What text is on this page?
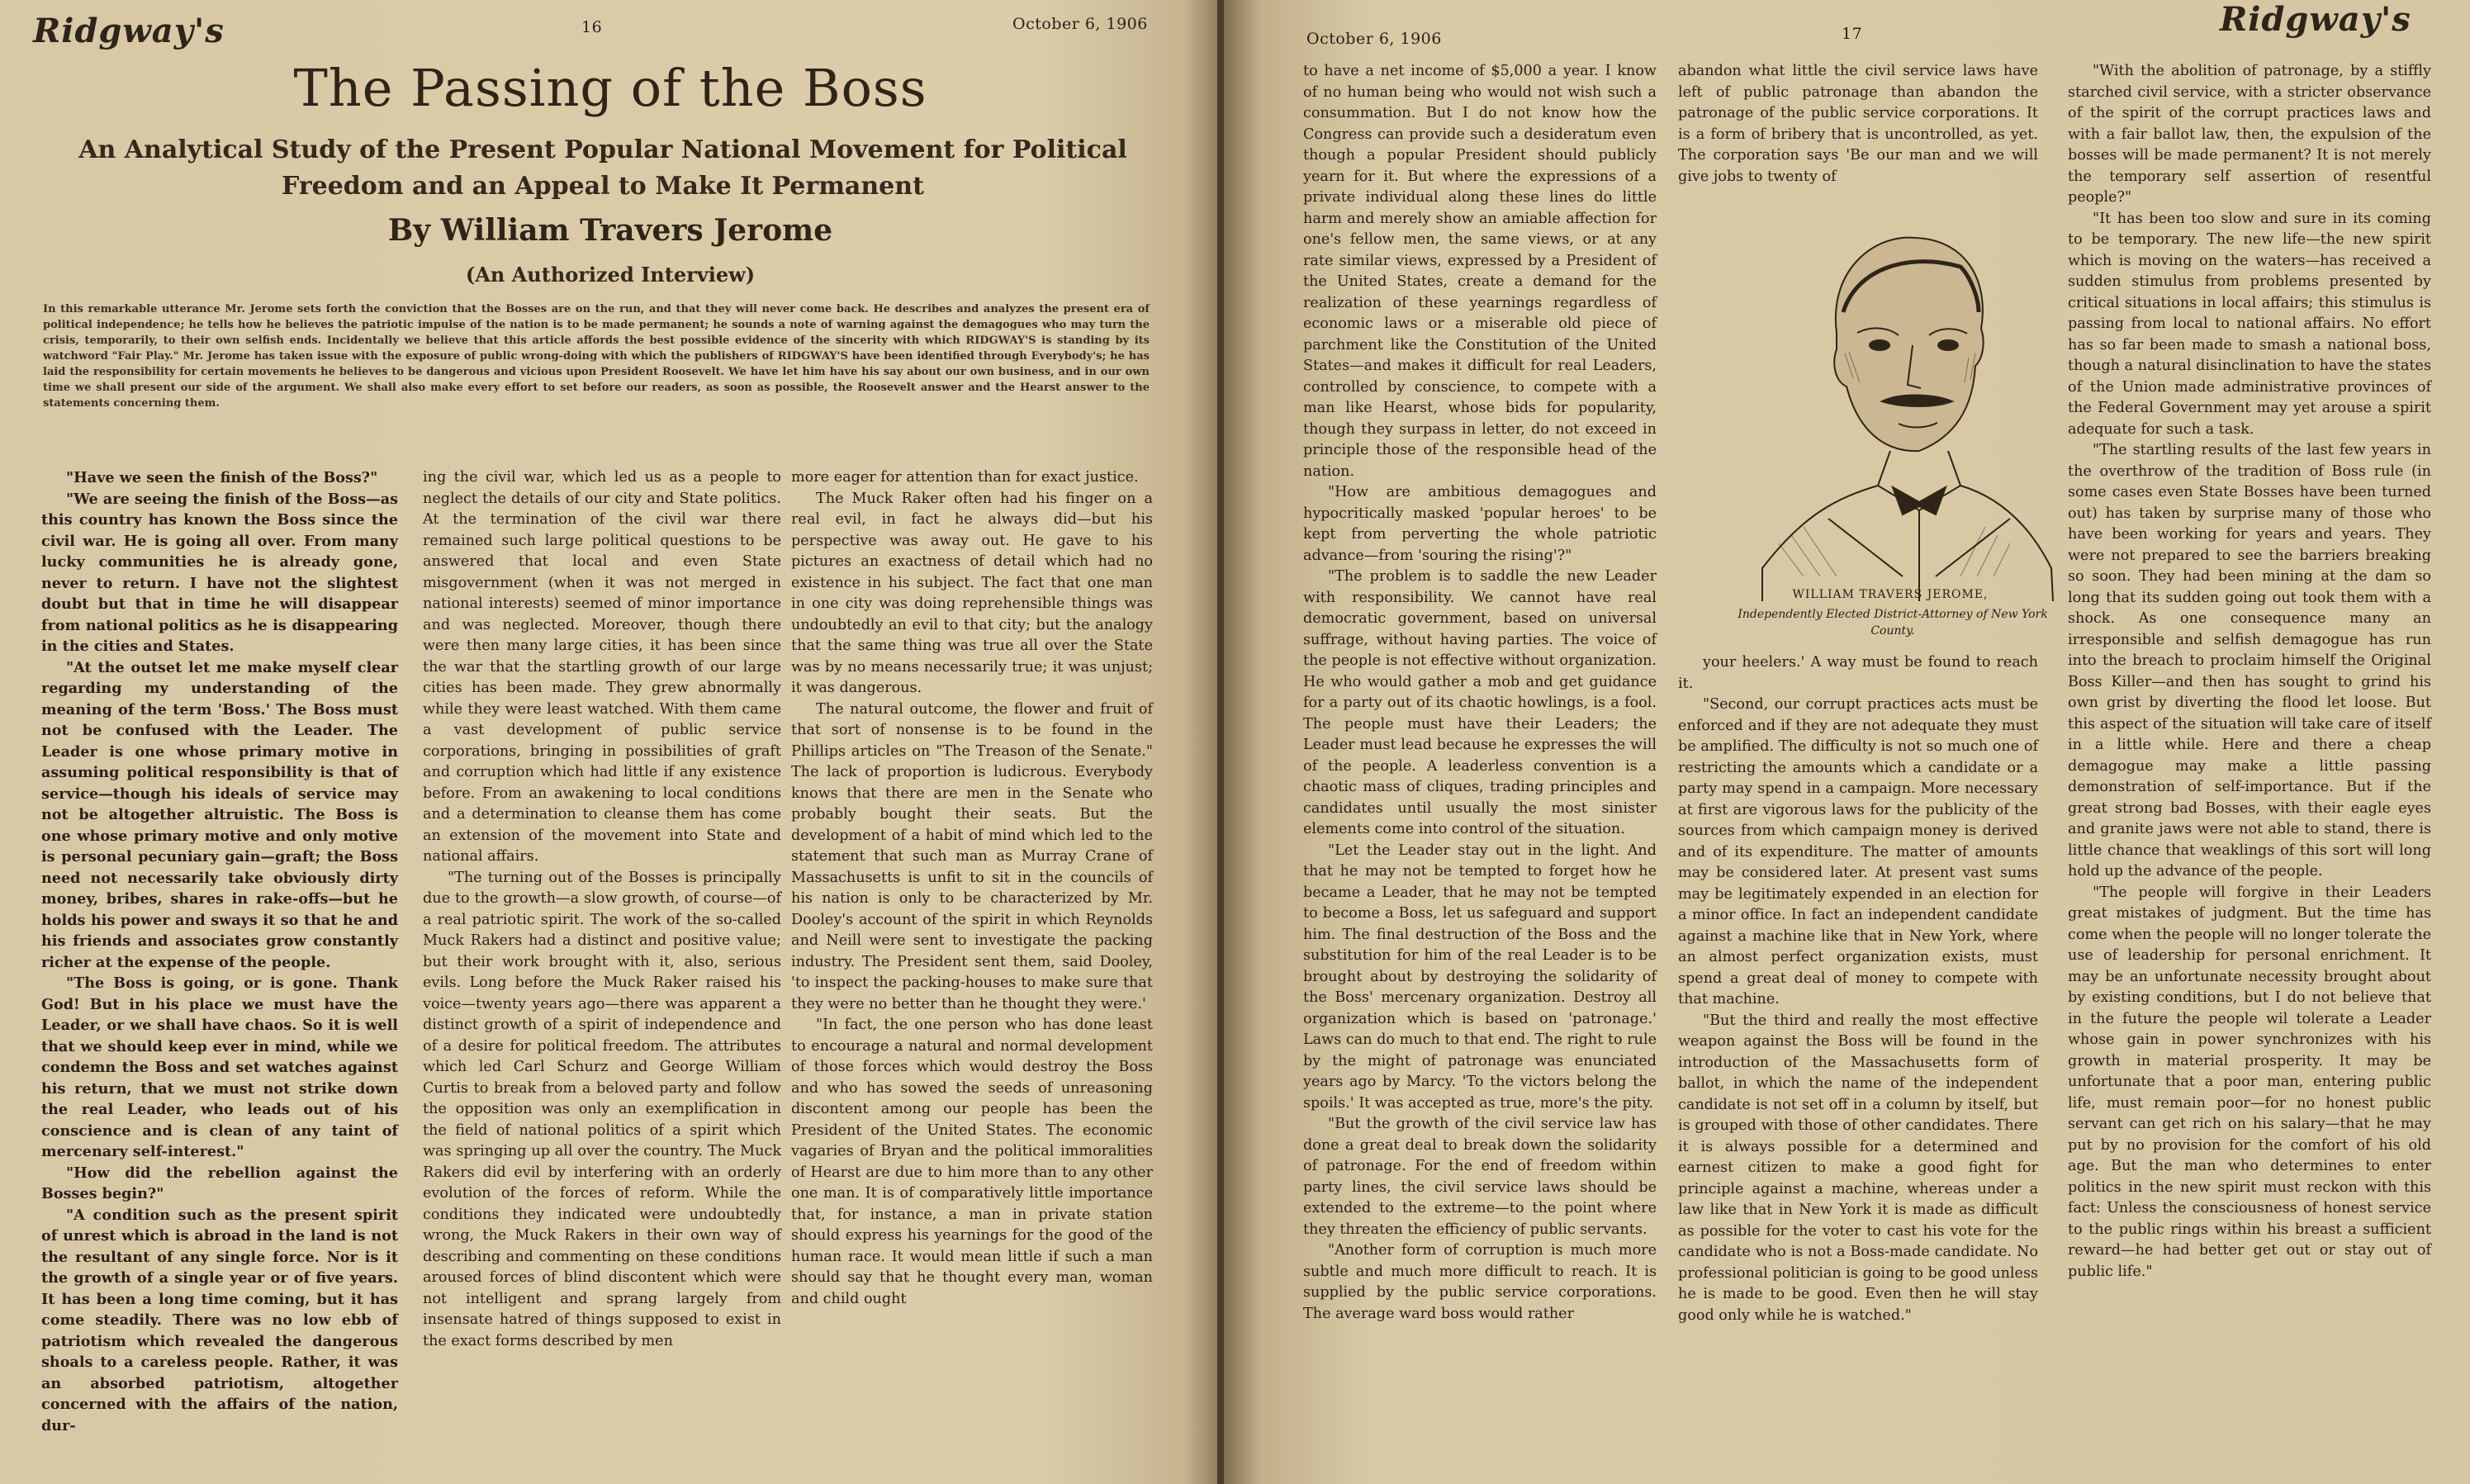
Ridgway's	16	October 6, 1906
The Passing of the Boss
An Analytical Study of the Present Popular National Movement for Political Freedom and an Appeal to Make It Permanent
By William Travers Jerome
(An Authorized Interview)
In this remarkable utterance Mr. Jerome sets forth the conviction that the Bosses are on the run, and that they will never come back. He describes and analyzes the present era of political independence; he tells how he believes the patriotic impulse of the nation is to be made permanent; he sounds a note of warning against the demagogues who may turn the crisis, temporarily, to their own selfish ends. Incidentally we believe that this article affords the best possible evidence of the sincerity with which RIDGWAY'S is standing by its watchword "Fair Play." Mr. Jerome has taken issue with the exposure of public wrong-doing with which the publishers of RIDGWAY'S have been identified through Everybody's; he has laid the responsibility for certain movements he believes to be dangerous and vicious upon President Roosevelt. We have let him have his say about our own business, and in our own time we shall present our side of the argument. We shall also make every effort to set before our readers, as soon as possible, the Roosevelt answer and the Hearst answer to the statements concerning them.

"Have we seen the finish of the Boss?"

"We are seeing the finish of the Boss—as this country has known the Boss since the civil war. He is going all over. From many lucky communities he is already gone, never to return. I have not the slightest doubt but that in time he will disappear from national politics as he is disappearing in the cities and States.

"At the outset let me make myself clear regarding my understanding of the meaning of the term 'Boss.' The Boss must not be confused with the Leader. The Leader is one whose primary motive in assuming political responsibility is that of service—though his ideals of service may not be altogether altruistic. The Boss is one whose primary motive and only motive is personal pecuniary gain—graft; the Boss need not necessarily take obviously dirty money, bribes, shares in rake-offs—but he holds his power and sways it so that he and his friends and associates grow constantly richer at the expense of the people.

"The Boss is going, or is gone. Thank God! But in his place we must have the Leader, or we shall have chaos. So it is well that we should keep ever in mind, while we condemn the Boss and set watches against his return, that we must not strike down the real Leader, who leads out of his conscience and is clean of any taint of mercenary self-interest."

"How did the rebellion against the Bosses begin?"

"A condition such as the present spirit of unrest which is abroad in the land is not the resultant of any single force. Nor is it the growth of a single year or of five years. It has been a long time coming, but it has come steadily. There was no low ebb of patriotism which revealed the dangerous shoals to a careless people. Rather, it was an absorbed patriotism, altogether concerned with the affairs of the nation, dur-

ing the civil war, which led us as a people to neglect the details of our city and State politics. At the termination of the civil war there remained such large political questions to be answered that local and even State misgovernment (when it was not merged in national interests) seemed of minor importance and was neglected. Moreover, though there were then many large cities, it has been since the war that the startling growth of our large cities has been made. They grew abnormally while they were least watched. With them came a vast development of public service corporations, bringing in possibilities of graft and corruption which had little if any existence before. From an awakening to local conditions and a determination to cleanse them has come an extension of the movement into State and national affairs.

"The turning out of the Bosses is principally due to the growth—a slow growth, of course—of a real patriotic spirit. The work of the so-called Muck Rakers had a distinct and positive value; but their work brought with it, also, serious evils. Long before the Muck Raker raised his voice—twenty years ago—there was apparent a distinct growth of a spirit of independence and of a desire for political freedom. The attributes which led Carl Schurz and George William Curtis to break from a beloved party and follow the opposition was only an exemplification in the field of national politics of a spirit which was springing up all over the country. The Muck Rakers did evil by interfering with an orderly evolution of the forces of reform. While the conditions they indicated were undoubtedly wrong, the Muck Rakers in their own way of describing and commenting on these conditions aroused forces of blind discontent which were not intelligent and sprang largely from insensate hatred of things supposed to exist in the exact forms described by men

more eager for attention than for exact justice.

The Muck Raker often had his finger on a real evil, in fact he always did—but his perspective was away out. He gave to his pictures an exactness of detail which had no existence in his subject. The fact that one man in one city was doing reprehensible things was undoubtedly an evil to that city; but the analogy that the same thing was true all over the State was by no means necessarily true; it was unjust; it was dangerous.

The natural outcome, the flower and fruit of that sort of nonsense is to be found in the Phillips articles on "The Treason of the Senate." The lack of proportion is ludicrous. Everybody knows that there are men in the Senate who probably bought their seats. But the development of a habit of mind which led to the statement that such man as Murray Crane of Massachusetts is unfit to sit in the councils of his nation is only to be characterized by Mr. Dooley's account of the spirit in which Reynolds and Neill were sent to investigate the packing industry. The President sent them, said Dooley, 'to inspect the packing-houses to make sure that they were no better than he thought they were.'

"In fact, the one person who has done least to encourage a natural and normal development of those forces which would destroy the Boss and who has sowed the seeds of unreasoning discontent among our people has been the President of the United States. The economic vagaries of Bryan and the political immoralities of Hearst are due to him more than to any other one man. It is of comparatively little importance that, for instance, a man in private station should express his yearnings for the good of the human race. It would mean little if such a man should say that he thought every man, woman and child ought

October 6, 1906	17	Ridgway's

to have a net income of $5,000 a year. I know of no human being who would not wish such a consummation. But I do not know how the Congress can provide such a desideratum even though a popular President should publicly yearn for it. But where the expressions of a private individual along these lines do little harm and merely show an amiable affection for one's fellow men, the same views, or at any rate similar views, expressed by a President of the United States, create a demand for the realization of these yearnings regardless of economic laws or a miserable old piece of parchment like the Constitution of the United States—and makes it difficult for real Leaders, controlled by conscience, to compete with a man like Hearst, whose bids for popularity, though they surpass in letter, do not exceed in principle those of the responsible head of the nation.

"How are ambitious demagogues and hypocritically masked 'popular heroes' to be kept from perverting the whole patriotic advance—from 'souring the rising'?"

"The problem is to saddle the new Leader with responsibility. We cannot have real democratic government, based on universal suffrage, without having parties. The voice of the people is not effective without organization. He who would gather a mob and get guidance for a party out of its chaotic howlings, is a fool. The people must have their Leaders; the Leader must lead because he expresses the will of the people. A leaderless convention is a chaotic mass of cliques, trading principles and candidates until usually the most sinister elements come into control of the situation.

"Let the Leader stay out in the light. And that he may not be tempted to forget how he became a Leader, that he may not be tempted to become a Boss, let us safeguard and support him. The final destruction of the Boss and the substitution for him of the real Leader is to be brought about by destroying the solidarity of the Boss' mercenary organization. Destroy all organization which is based on 'patronage.' Laws can do much to that end. The right to rule by the might of patronage was enunciated years ago by Marcy. 'To the victors belong the spoils.' It was accepted as true, more's the pity.

"But the growth of the civil service law has done a great deal to break down the solidarity of patronage. For the end of freedom within party lines, the civil service laws should be extended to the extreme—to the point where they threaten the efficiency of public servants.

"Another form of corruption is much more subtle and much more difficult to reach. It is supplied by the public service corporations. The average ward boss would rather

abandon what little the civil service laws have left of public patronage than abandon the patronage of the public service corporations. It is a form of bribery that is uncontrolled, as yet. The corporation says 'Be our man and we will give jobs to twenty of

WILLIAM TRAVERS JEROME,
Independently Elected District-Attorney of New York County.

your heelers.' A way must be found to reach it.

"Second, our corrupt practices acts must be enforced and if they are not adequate they must be amplified. The difficulty is not so much one of restricting the amounts which a candidate or a party may spend in a campaign. More necessary at first are vigorous laws for the publicity of the sources from which campaign money is derived and of its expenditure. The matter of amounts may be considered later. At present vast sums may be legitimately expended in an election for a minor office. In fact an independent candidate against a machine like that in New York, where an almost perfect organization exists, must spend a great deal of money to compete with that machine.

"But the third and really the most effective weapon against the Boss will be found in the introduction of the Massachusetts form of ballot, in which the name of the independent candidate is not set off in a column by itself, but is grouped with those of other candidates. There it is always possible for a determined and earnest citizen to make a good fight for principle against a machine, whereas under a law like that in New York it is made as difficult as possible for the voter to cast his vote for the candidate who is not a Boss-made candidate. No professional politician is going to be good unless he is made to be good. Even then he will stay good only while he is watched."

"With the abolition of patronage, by a stiffly starched civil service, with a stricter observance of the spirit of the corrupt practices laws and with a fair ballot law, then, the expulsion of the bosses will be made permanent? It is not merely the temporary self assertion of resentful people?"

"It has been too slow and sure in its coming to be temporary. The new life—the new spirit which is moving on the waters—has received a sudden stimulus from problems presented by critical situations in local affairs; this stimulus is passing from local to national affairs. No effort has so far been made to smash a national boss, though a natural disinclination to have the states of the Union made administrative provinces of the Federal Government may yet arouse a spirit adequate for such a task.

"The startling results of the last few years in the overthrow of the tradition of Boss rule (in some cases even State Bosses have been turned out) has taken by surprise many of those who have been working for years and years. They were not prepared to see the barriers breaking so soon. They had been mining at the dam so long that its sudden going out took them with a shock. As one consequence many an irresponsible and selfish demagogue has run into the breach to proclaim himself the Original Boss Killer—and then has sought to grind his own grist by diverting the flood let loose. But this aspect of the situation will take care of itself in a little while. Here and there a cheap demagogue may make a little passing demonstration of self-importance. But if the great strong bad Bosses, with their eagle eyes and granite jaws were not able to stand, there is little chance that weaklings of this sort will long hold up the advance of the people.

"The people will forgive in their Leaders great mistakes of judgment. But the time has come when the people will no longer tolerate the use of leadership for personal enrichment. It may be an unfortunate necessity brought about by existing conditions, but I do not believe that in the future the people wil tolerate a Leader whose gain in power synchronizes with his growth in material prosperity. It may be unfortunate that a poor man, entering public life, must remain poor—for no honest public servant can get rich on his salary—that he may put by no provision for the comfort of his old age. But the man who determines to enter politics in the new spirit must reckon with this fact: Unless the consciousness of honest service to the public rings within his breast a sufficient reward—he had better get out or stay out of public life."
